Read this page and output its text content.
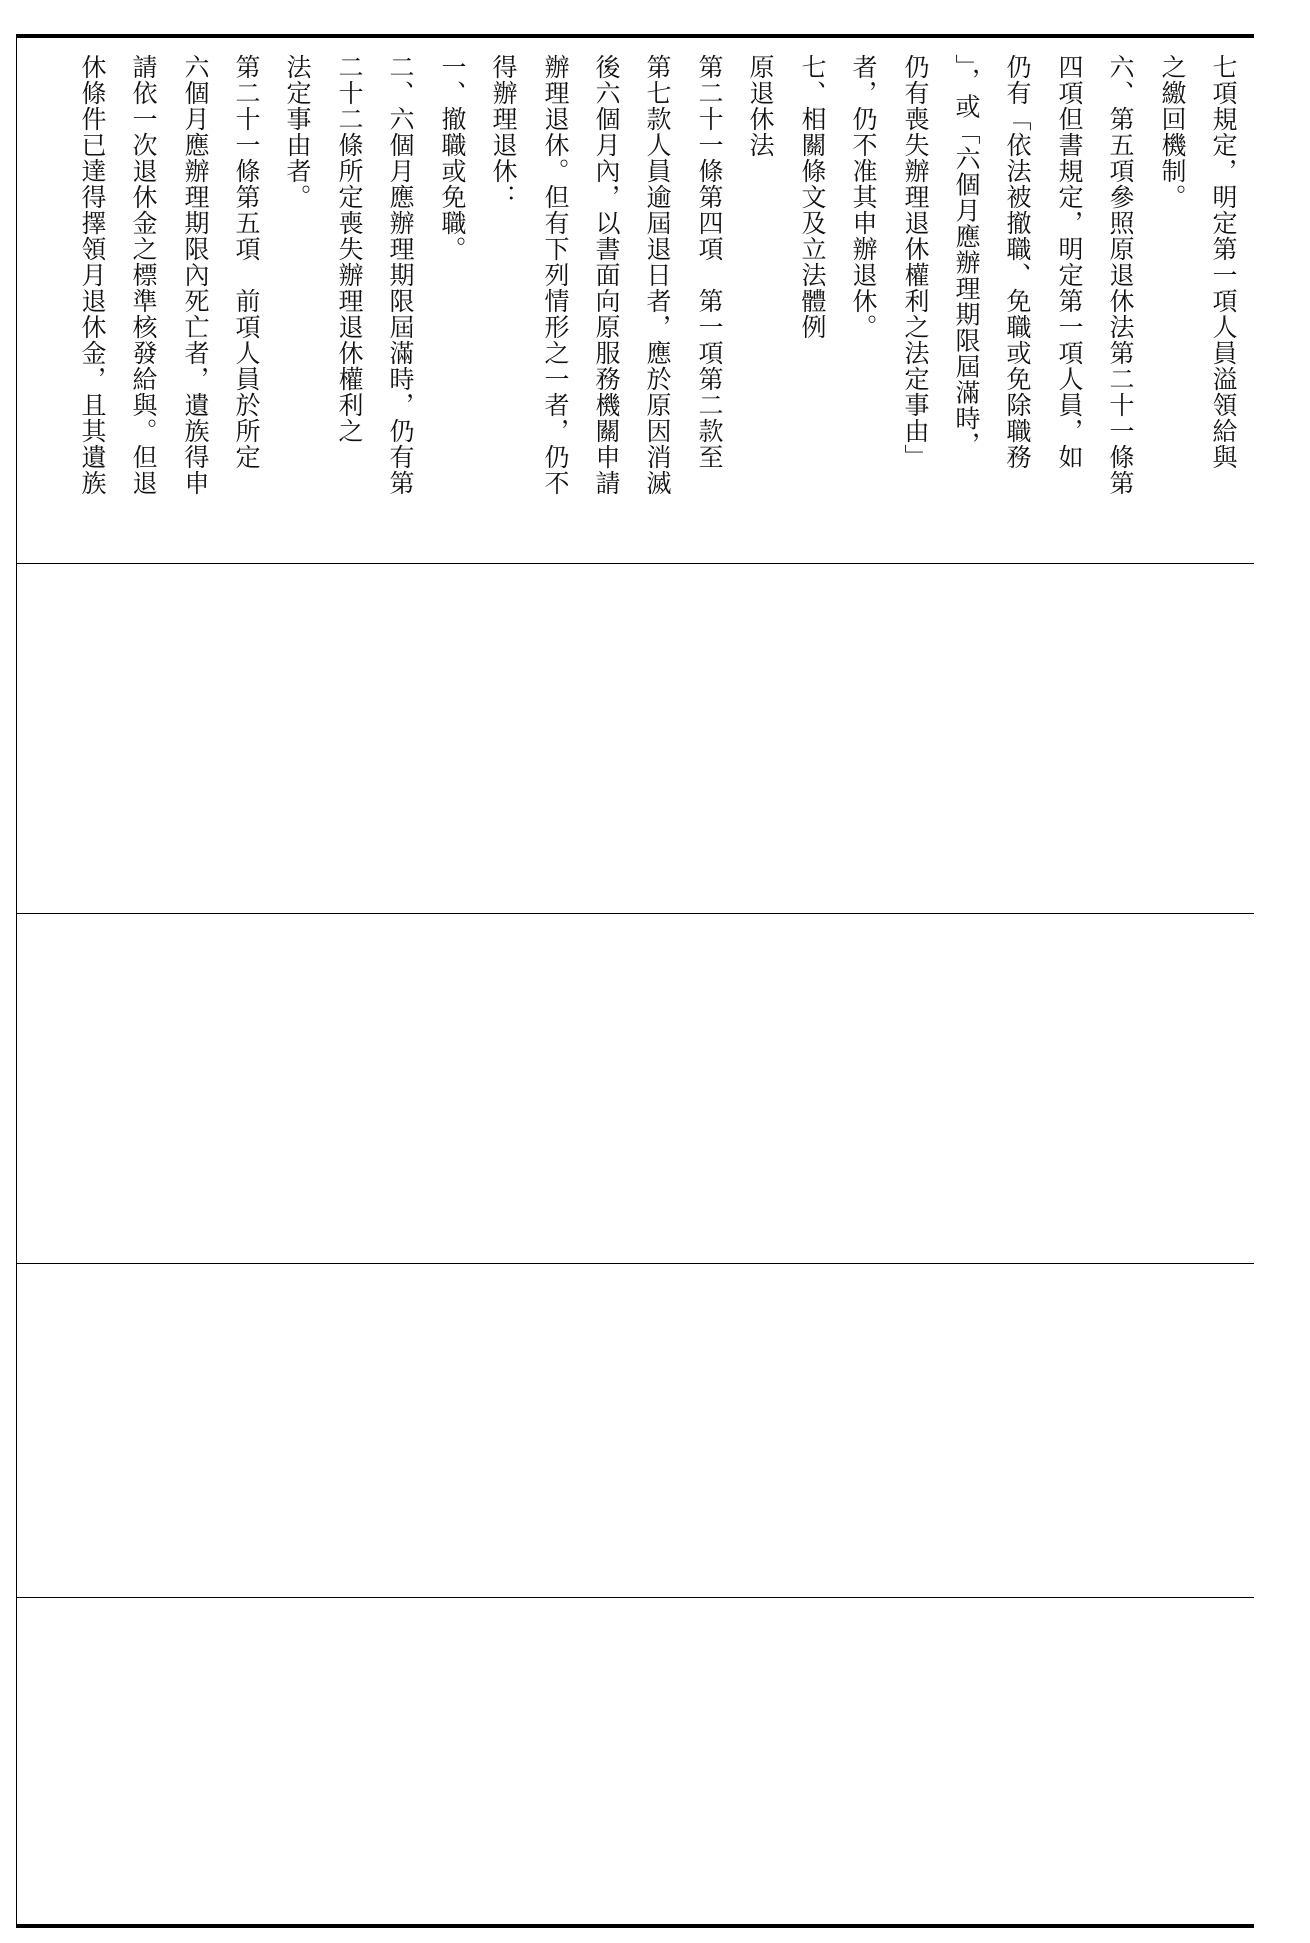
七項規定，明定第一項人員溢領給與
之繳回機制。
六、第五項參照原退休法第二十一條第
四項但書規定，明定第一項人員，如
仍有「依法被撤職、免職或免除職務
」，或「六個月應辦理期限屆滿時，
仍有喪失辦理退休權利之法定事由」
者，仍不准其申辦退休。
七、相關條文及立法體例
原退休法
第二十一條第四項　第一項第二款至
第七款人員逾屆退日者，應於原因消滅
後六個月內，以書面向原服務機關申請
辦理退休。但有下列情形之一者，仍不
得辦理退休：
一、撤職或免職。
二、六個月應辦理期限屆滿時，仍有第
二十二條所定喪失辦理退休權利之
法定事由者。
第二十一條第五項　前項人員於所定
六個月應辦理期限內死亡者，遺族得申
請依一次退休金之標準核發給與。但退
休條件已達得擇領月退休金，且其遺族
